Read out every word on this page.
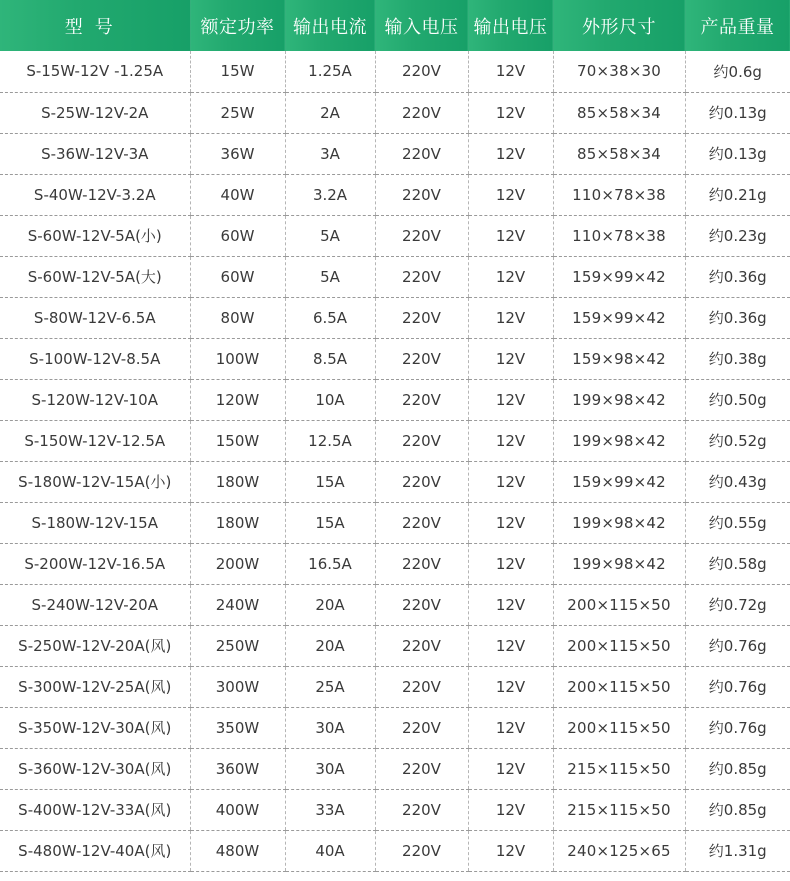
型号	额定功率	输出电流	输入电压	输出电压	外形尺寸	产品重量
S-15W-12V -1.25A	15W	1.25A	220V	12V	70×38×30	约0.6g
S-25W-12V-2A	25W	2A	220V	12V	85×58×34	约0.13g
S-36W-12V-3A	36W	3A	220V	12V	85×58×34	约0.13g
S-40W-12V-3.2A	40W	3.2A	220V	12V	110×78×38	约0.21g
S-60W-12V-5A(小)	60W	5A	220V	12V	110×78×38	约0.23g
S-60W-12V-5A(大)	60W	5A	220V	12V	159×99×42	约0.36g
S-80W-12V-6.5A	80W	6.5A	220V	12V	159×99×42	约0.36g
S-100W-12V-8.5A	100W	8.5A	220V	12V	159×98×42	约0.38g
S-120W-12V-10A	120W	10A	220V	12V	199×98×42	约0.50g
S-150W-12V-12.5A	150W	12.5A	220V	12V	199×98×42	约0.52g
S-180W-12V-15A(小)	180W	15A	220V	12V	159×99×42	约0.43g
S-180W-12V-15A	180W	15A	220V	12V	199×98×42	约0.55g
S-200W-12V-16.5A	200W	16.5A	220V	12V	199×98×42	约0.58g
S-240W-12V-20A	240W	20A	220V	12V	200×115×50	约0.72g
S-250W-12V-20A(风)	250W	20A	220V	12V	200×115×50	约0.76g
S-300W-12V-25A(风)	300W	25A	220V	12V	200×115×50	约0.76g
S-350W-12V-30A(风)	350W	30A	220V	12V	200×115×50	约0.76g
S-360W-12V-30A(风)	360W	30A	220V	12V	215×115×50	约0.85g
S-400W-12V-33A(风)	400W	33A	220V	12V	215×115×50	约0.85g
S-480W-12V-40A(风)	480W	40A	220V	12V	240×125×65	约1.31g
